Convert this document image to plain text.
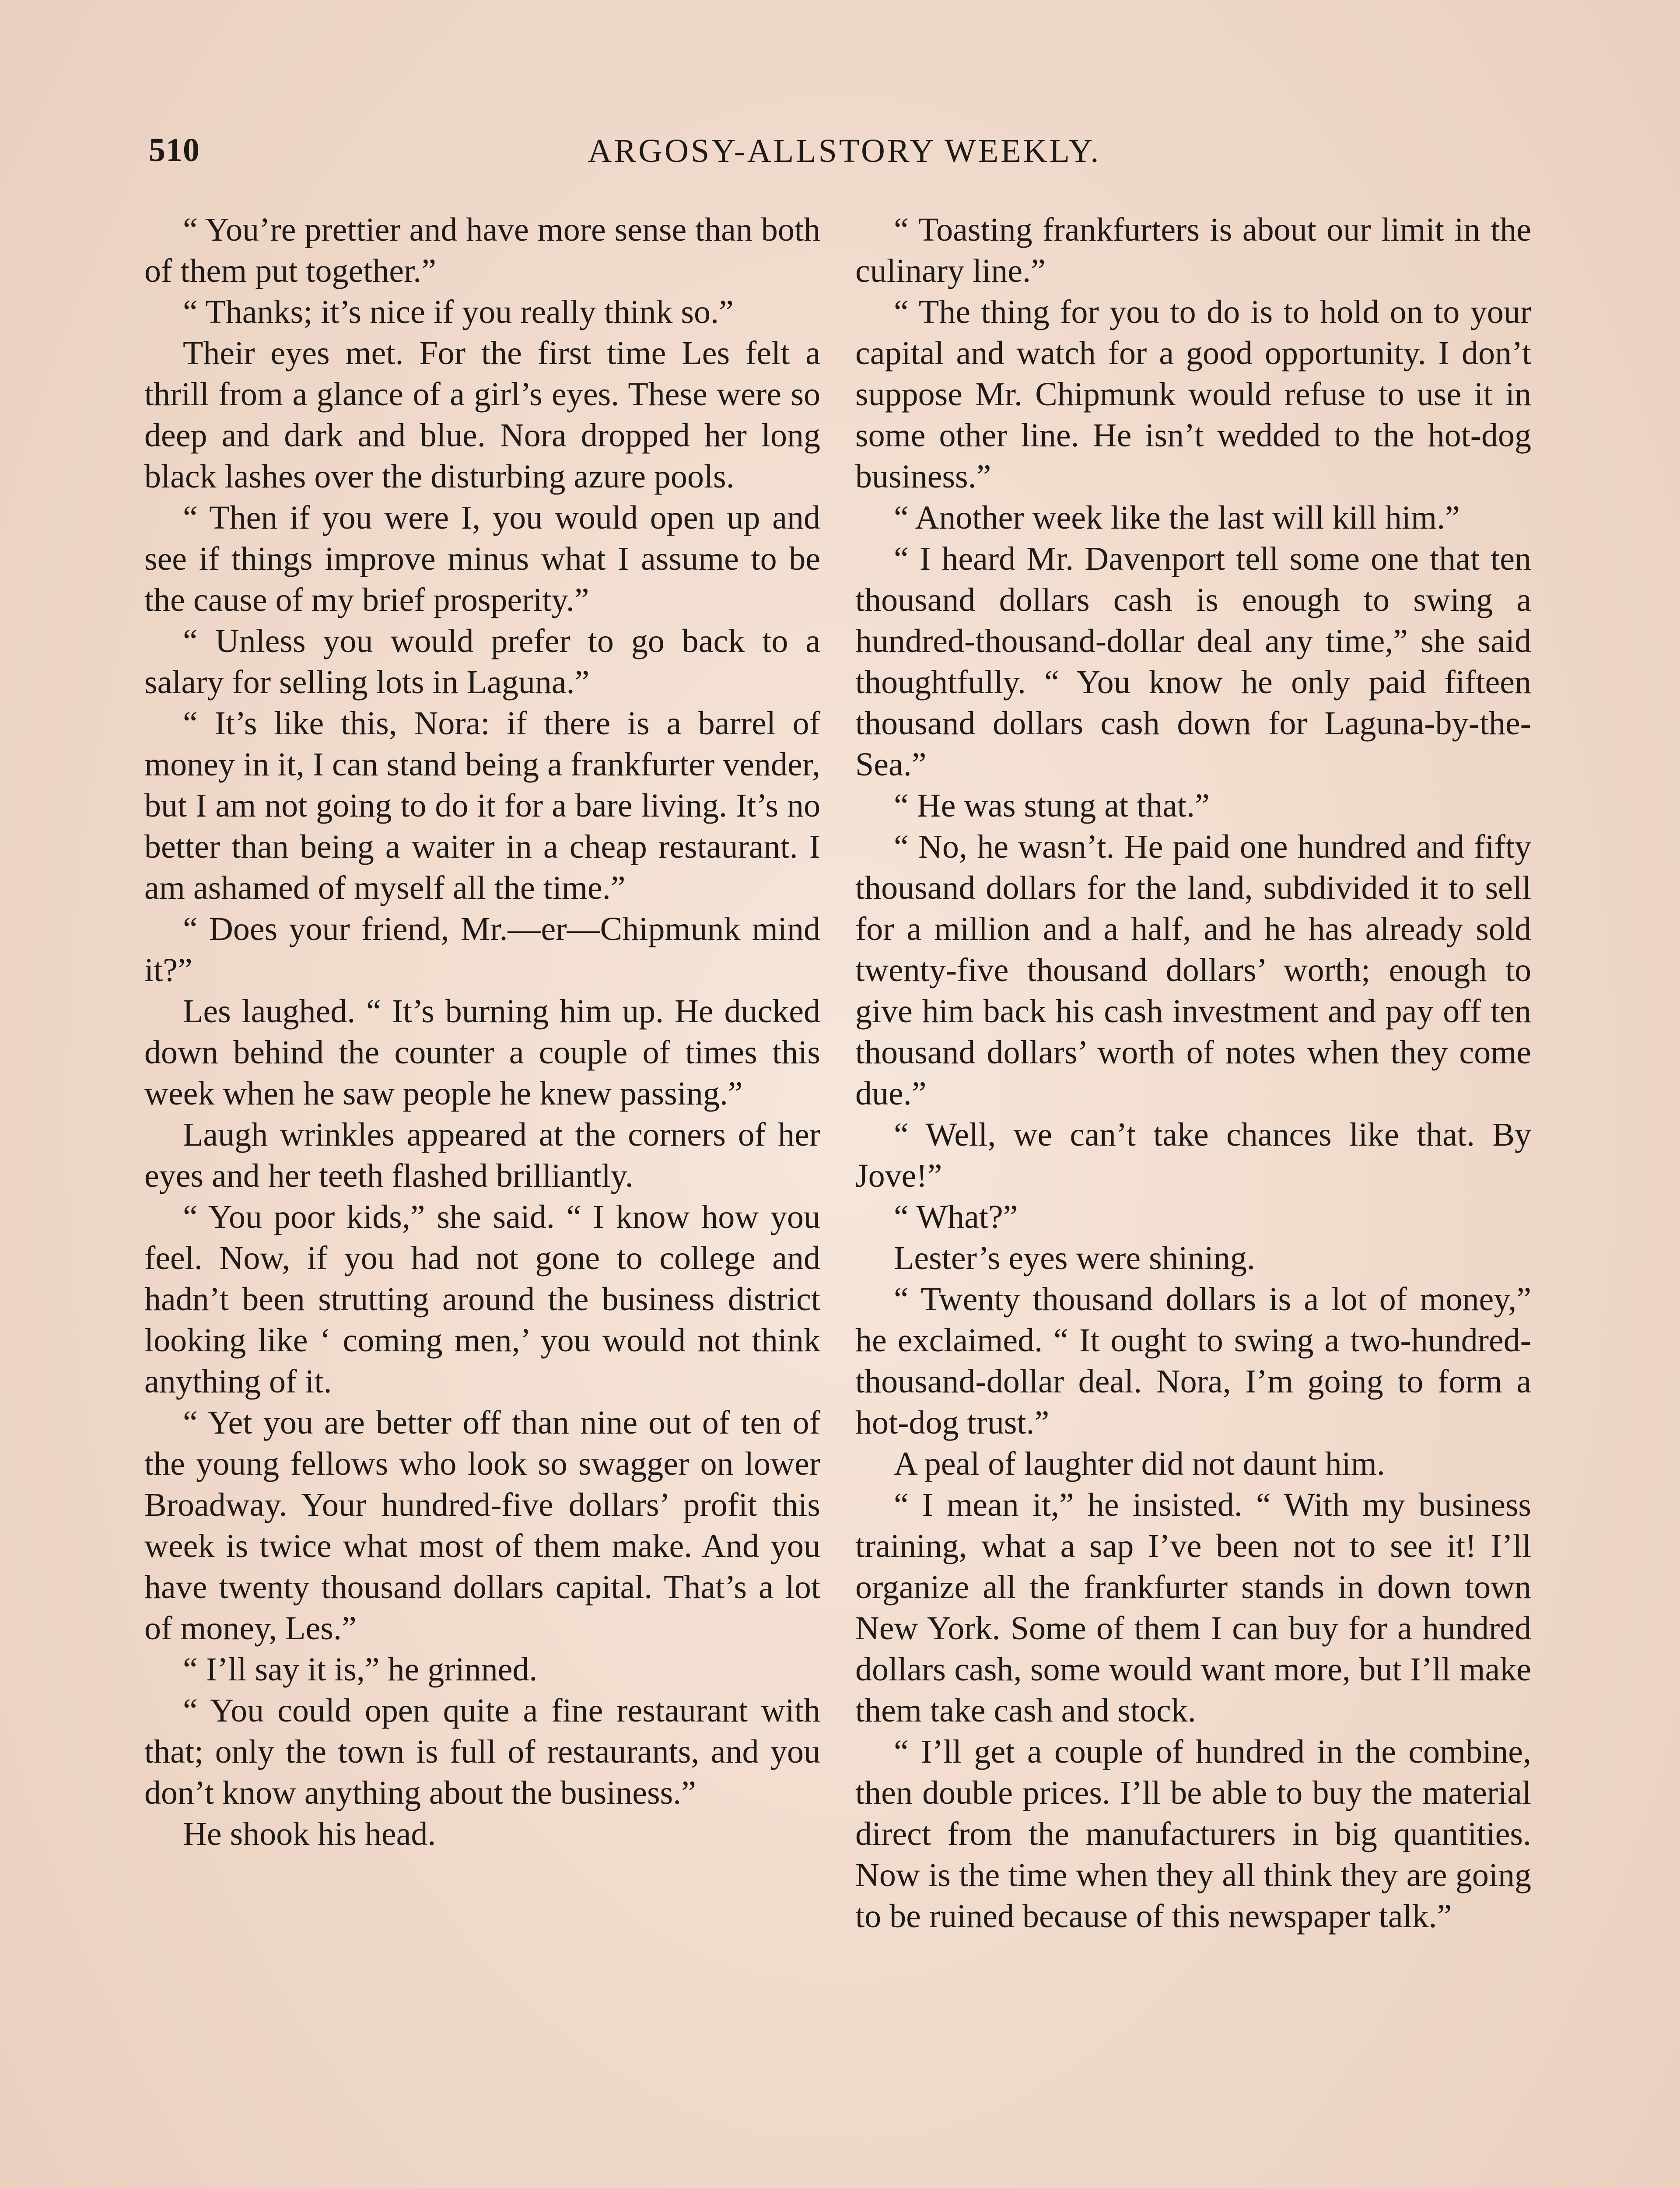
510	ARGOSY-ALLSTORY WEEKLY.

“ You’re prettier and have more sense than both of them put together.”

“ Thanks; it’s nice if you really think so.”

Their eyes met. For the first time Les felt a thrill from a glance of a girl’s eyes. These were so deep and dark and blue. Nora dropped her long black lashes over the disturbing azure pools.

“ Then if you were I, you would open up and see if things improve minus what I assume to be the cause of my brief prosperity.”

“ Unless you would prefer to go back to a salary for selling lots in Laguna.”

“ It’s like this, Nora: if there is a barrel of money in it, I can stand being a frankfurter vender, but I am not going to do it for a bare living. It’s no better than being a waiter in a cheap restaurant. I am ashamed of myself all the time.”

“ Does your friend, Mr.—er—Chipmunk mind it?”

Les laughed. “ It’s burning him up. He ducked down behind the counter a couple of times this week when he saw people he knew passing.”

Laugh wrinkles appeared at the corners of her eyes and her teeth flashed brilliantly.

“ You poor kids,” she said. “ I know how you feel. Now, if you had not gone to college and hadn’t been strutting around the business district looking like ‘ coming men,’ you would not think anything of it.

“ Yet you are better off than nine out of ten of the young fellows who look so swagger on lower Broadway. Your hundred-five dollars’ profit this week is twice what most of them make. And you have twenty thousand dollars capital. That’s a lot of money, Les.”

“ I’ll say it is,” he grinned.

“ You could open quite a fine restaurant with that; only the town is full of restaurants, and you don’t know anything about the business.”

He shook his head.

“ Toasting frankfurters is about our limit in the culinary line.”

“ The thing for you to do is to hold on to your capital and watch for a good opportunity. I don’t suppose Mr. Chipmunk would refuse to use it in some other line. He isn’t wedded to the hot-dog business.”

“ Another week like the last will kill him.”

“ I heard Mr. Davenport tell some one that ten thousand dollars cash is enough to swing a hundred-thousand-dollar deal any time,” she said thoughtfully. “ You know he only paid fifteen thousand dollars cash down for Laguna-by-the-Sea.”

“ He was stung at that.”

“ No, he wasn’t. He paid one hundred and fifty thousand dollars for the land, subdivided it to sell for a million and a half, and he has already sold twenty-five thousand dollars’ worth; enough to give him back his cash investment and pay off ten thousand dollars’ worth of notes when they come due.”

“ Well, we can’t take chances like that. By Jove!”

“ What?”

Lester’s eyes were shining.

“ Twenty thousand dollars is a lot of money,” he exclaimed. “ It ought to swing a two-hundred-thousand-dollar deal. Nora, I’m going to form a hot-dog trust.”

A peal of laughter did not daunt him.

“ I mean it,” he insisted. “ With my business training, what a sap I’ve been not to see it! I’ll organize all the frankfurter stands in down town New York. Some of them I can buy for a hundred dollars cash, some would want more, but I’ll make them take cash and stock.

“ I’ll get a couple of hundred in the combine, then double prices. I’ll be able to buy the material direct from the manufacturers in big quantities. Now is the time when they all think they are going to be ruined because of this newspaper talk.”
